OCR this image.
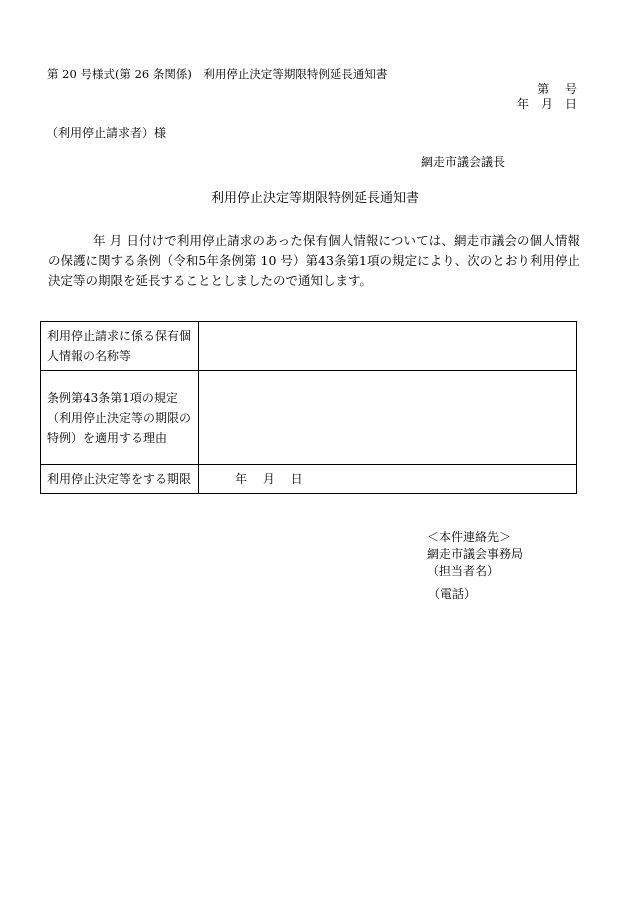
第 20 号様式(第 26 条関係)　利用停止決定等期限特例延長通知書
第　 号
年　月　日
（利用停止請求者）様
網走市議会議長
利用停止決定等期限特例延長通知書
年 月 日付けで利用停止請求のあった保有個人情報については、網走市議会の個人情報の保護に関する条例（令和5年条例第 10 号）第43条第1項の規定により、次のとおり利用停止決定等の期限を延長することとしましたので通知します。
利用停止請求に係る保有個人情報の名称等	
条例第43条第1項の規定（利用停止決定等の期限の特例）を適用する理由	
利用停止決定等をする期限	年　 月　 日
＜本件連絡先＞
網走市議会事務局
（担当者名）
（電話）
